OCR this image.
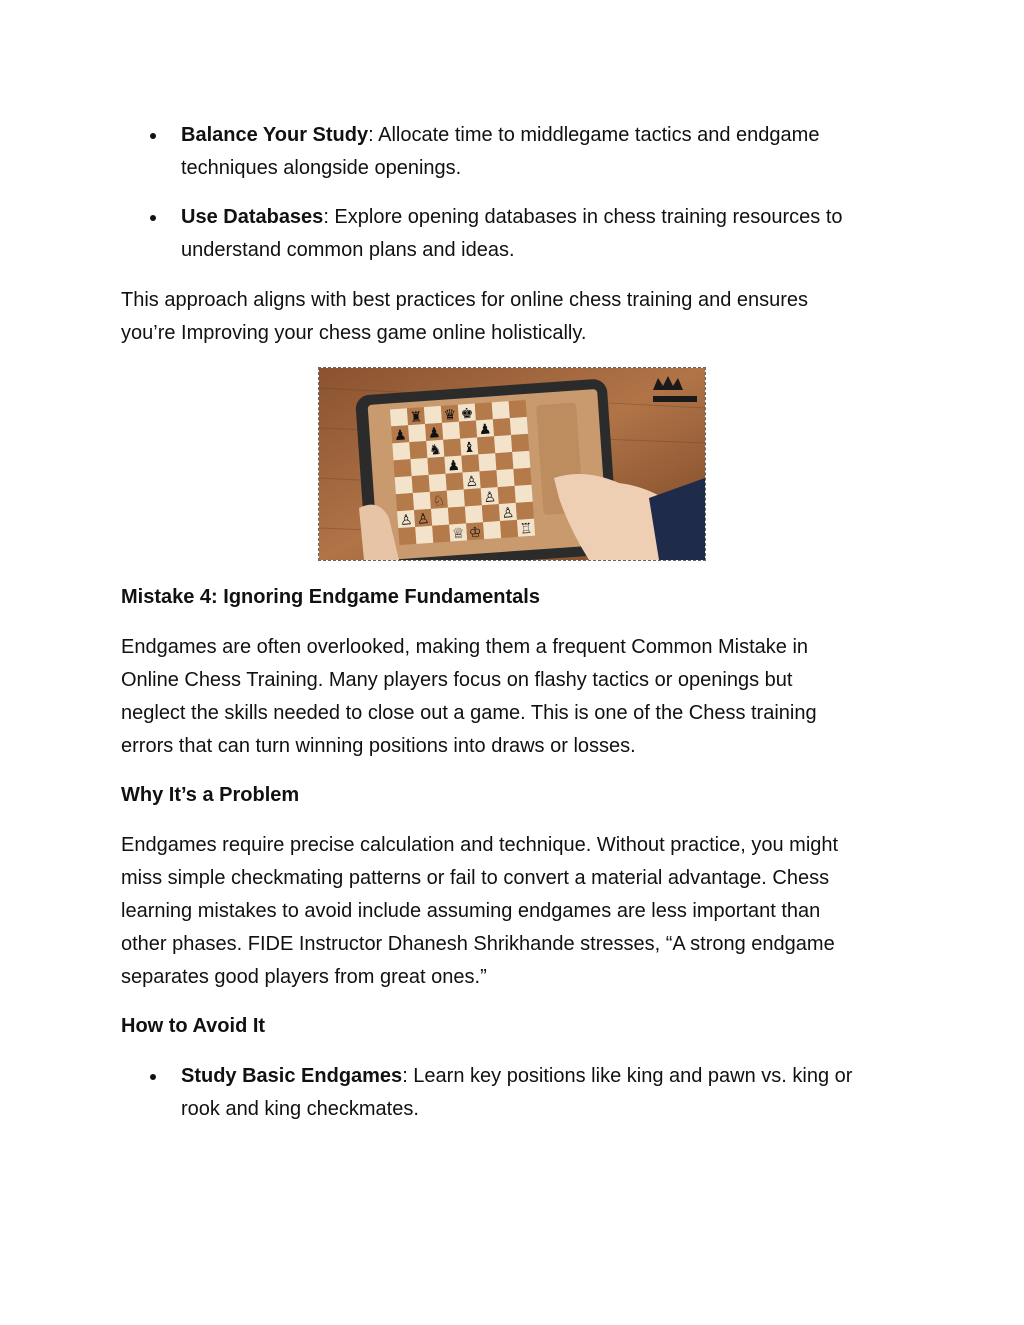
Balance Your Study: Allocate time to middlegame tactics and endgame
techniques alongside openings.
Use Databases: Explore opening databases in chess training resources to
understand common plans and ideas.
This approach aligns with best practices for online chess training and ensures
you’re Improving your chess game online holistically.
♜ ♛ ♚
♟ ♟	♟
♞ ♝
♟
♙
♘	♙
♙ ♙	♙
♕ ♔	♖
Mistake 4: Ignoring Endgame Fundamentals
Endgames are often overlooked, making them a frequent Common Mistake in
Online Chess Training. Many players focus on flashy tactics or openings but
neglect the skills needed to close out a game. This is one of the Chess training
errors that can turn winning positions into draws or losses.
Why It’s a Problem
Endgames require precise calculation and technique. Without practice, you might
miss simple checkmating patterns or fail to convert a material advantage. Chess
learning mistakes to avoid include assuming endgames are less important than
other phases. FIDE Instructor Dhanesh Shrikhande stresses, “A strong endgame
separates good players from great ones.”
How to Avoid It
Study Basic Endgames: Learn key positions like king and pawn vs. king or
rook and king checkmates.
